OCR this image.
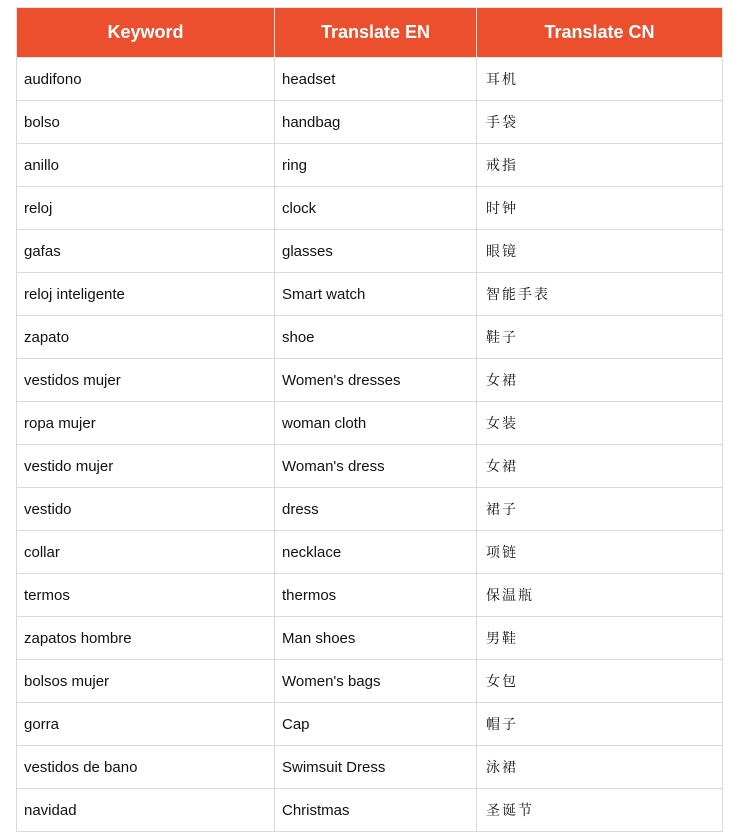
Keyword	Translate EN	Translate CN
audifono	headset	耳机
bolso	handbag	手袋
anillo	ring	戒指
reloj	clock	时钟
gafas	glasses	眼镜
reloj inteligente	Smart watch	智能手表
zapato	shoe	鞋子
vestidos mujer	Women's dresses	女裙
ropa mujer	woman cloth	女装
vestido mujer	Woman's dress	女裙
vestido	dress	裙子
collar	necklace	项链
termos	thermos	保温瓶
zapatos hombre	Man shoes	男鞋
bolsos mujer	Women's bags	女包
gorra	Cap	帽子
vestidos de bano	Swimsuit Dress	泳裙
navidad	Christmas	圣诞节
